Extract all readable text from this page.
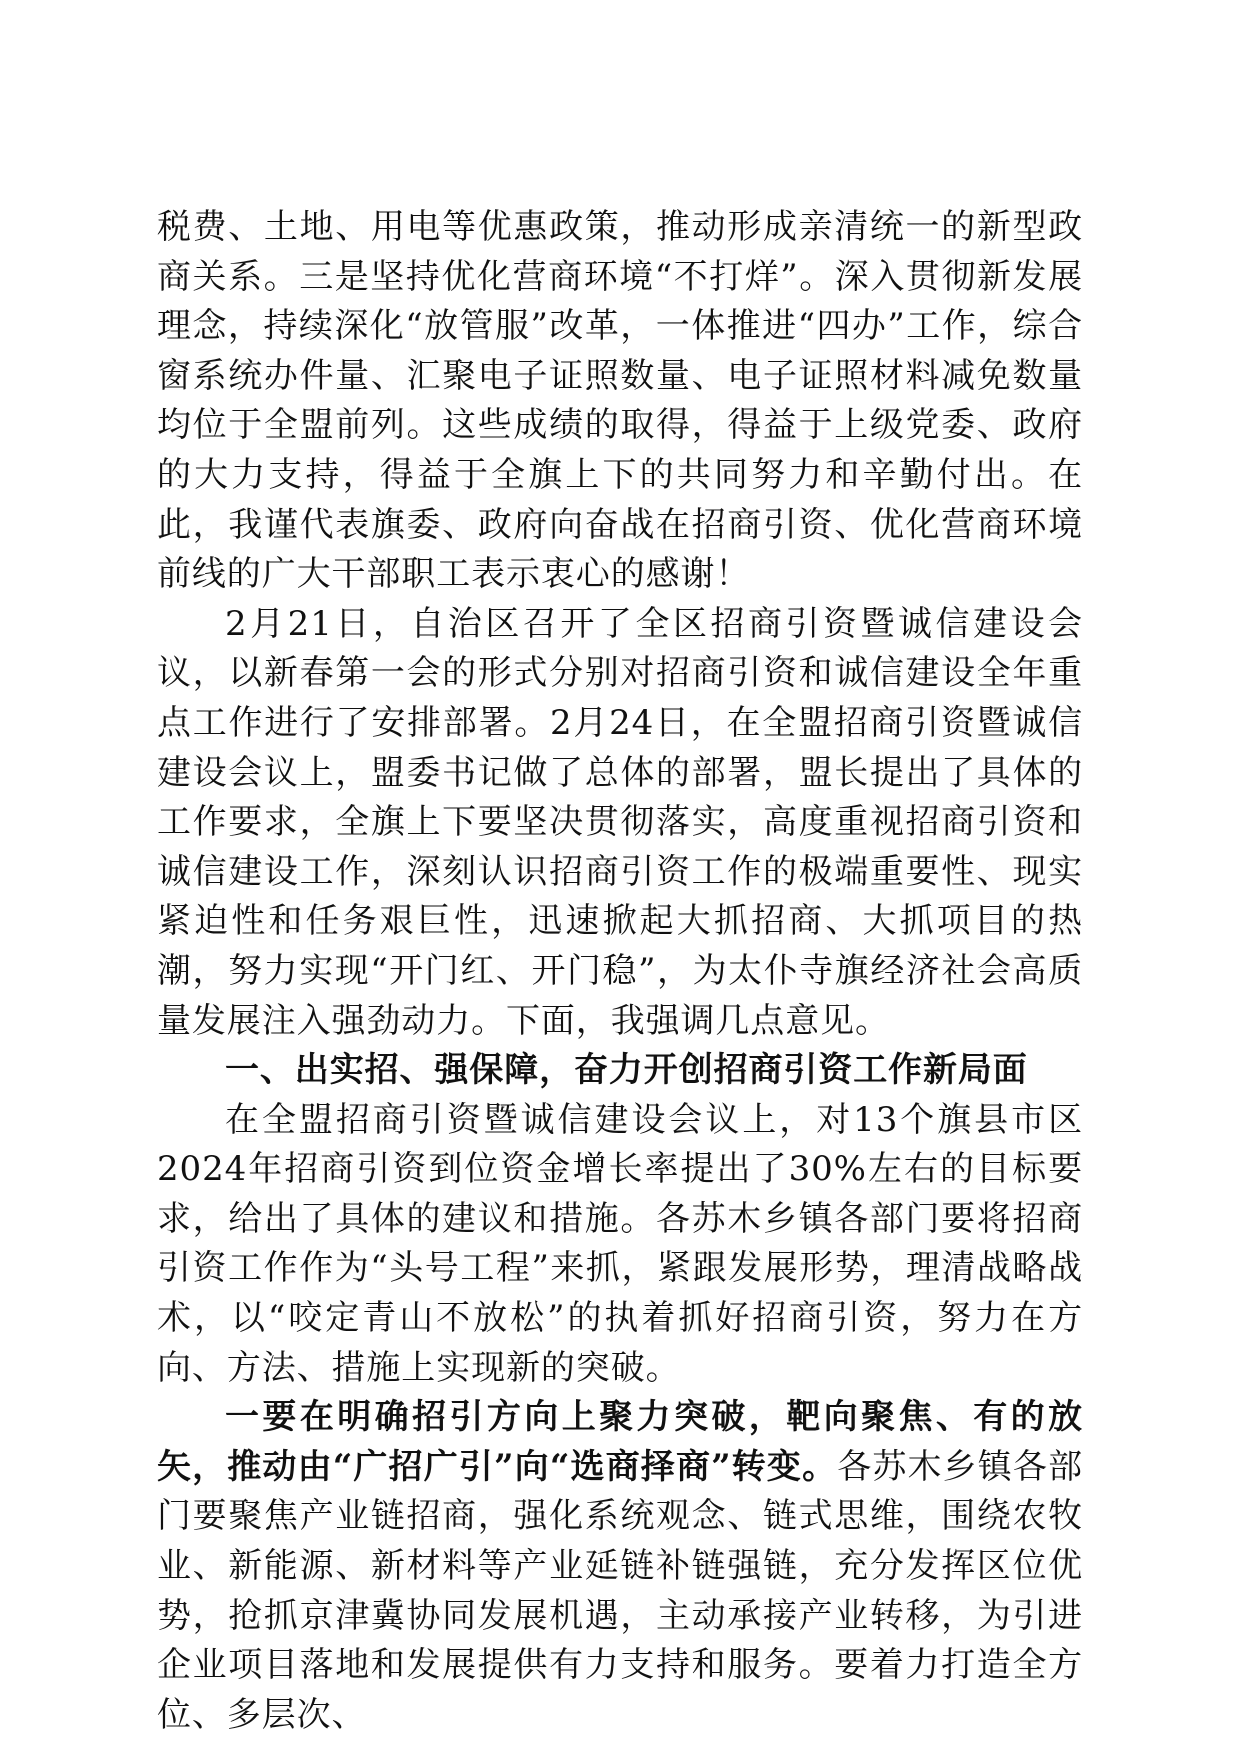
税费、土地、用电等优惠政策，推动形成亲清统一的新型政商关系。三是坚持优化营商环境“不打烊”。深入贯彻新发展理念，持续深化“放管服”改革，一体推进“四办”工作，综合窗系统办件量、汇聚电子证照数量、电子证照材料减免数量均位于全盟前列。这些成绩的取得，得益于上级党委、政府的大力支持，得益于全旗上下的共同努力和辛勤付出。在此，我谨代表旗委、政府向奋战在招商引资、优化营商环境前线的广大干部职工表示衷心的感谢！

2月21日，自治区召开了全区招商引资暨诚信建设会议，以新春第一会的形式分别对招商引资和诚信建设全年重点工作进行了安排部署。2月24日，在全盟招商引资暨诚信建设会议上，盟委书记做了总体的部署，盟长提出了具体的工作要求，全旗上下要坚决贯彻落实，高度重视招商引资和诚信建设工作，深刻认识招商引资工作的极端重要性、现实紧迫性和任务艰巨性，迅速掀起大抓招商、大抓项目的热潮，努力实现“开门红、开门稳”，为太仆寺旗经济社会高质量发展注入强劲动力。下面，我强调几点意见。

一、出实招、强保障，奋力开创招商引资工作新局面

在全盟招商引资暨诚信建设会议上，对13个旗县市区2024年招商引资到位资金增长率提出了30%左右的目标要求，给出了具体的建议和措施。各苏木乡镇各部门要将招商引资工作作为“头号工程”来抓，紧跟发展形势，理清战略战术，以“咬定青山不放松”的执着抓好招商引资，努力在方向、方法、措施上实现新的突破。

一要在明确招引方向上聚力突破，靶向聚焦、有的放矢，推动由“广招广引”向“选商择商”转变。各苏木乡镇各部门要聚焦产业链招商，强化系统观念、链式思维，围绕农牧业、新能源、新材料等产业延链补链强链，充分发挥区位优势，抢抓京津冀协同发展机遇，主动承接产业转移，为引进企业项目落地和发展提供有力支持和服务。要着力打造全方位、多层次、
